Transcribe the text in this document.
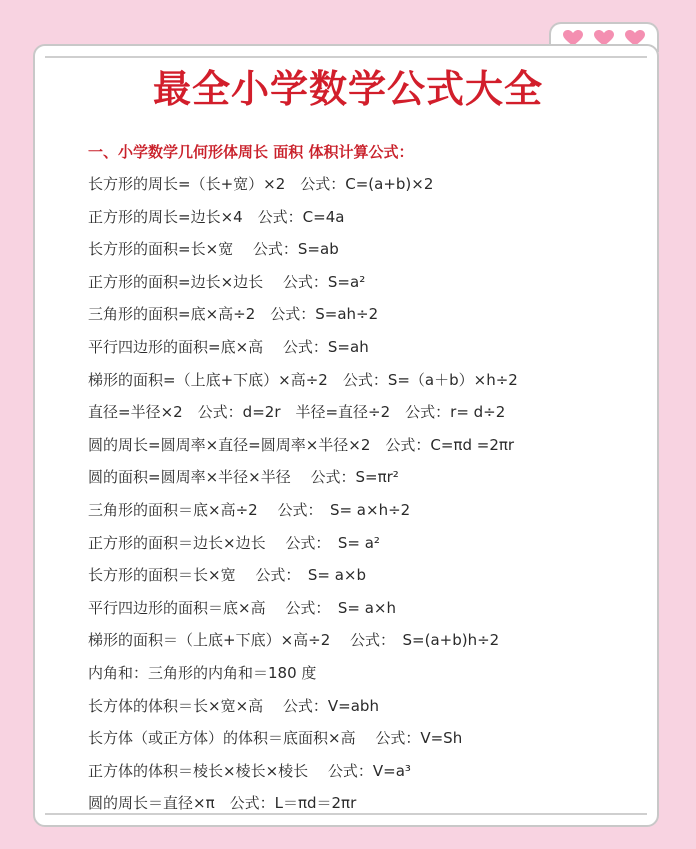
最全小学数学公式大全
一、小学数学几何形体周长 面积 体积计算公式：
长方形的周长=（长+宽）×2　公式：C=(a+b)×2
正方形的周长=边长×4　公式：C=4a
长方形的面积=长×宽　 公式：S=ab
正方形的面积=边长×边长　 公式：S=a²
三角形的面积=底×高÷2　公式：S=ah÷2
平行四边形的面积=底×高　 公式：S=ah
梯形的面积=（上底+下底）×高÷2　公式：S=（a＋b）×h÷2
直径=半径×2　公式：d=2r　半径=直径÷2　公式：r= d÷2
圆的周长=圆周率×直径=圆周率×半径×2　公式：C=πd =2πr
圆的面积=圆周率×半径×半径　 公式：S=πr²
三角形的面积＝底×高÷2　 公式：　S= a×h÷2
正方形的面积＝边长×边长　 公式：　S= a²
长方形的面积＝长×宽　 公式：　S= a×b
平行四边形的面积＝底×高　 公式：　S= a×h
梯形的面积＝（上底+下底）×高÷2　 公式：　S=(a+b)h÷2
内角和：三角形的内角和＝180 度
长方体的体积＝长×宽×高　 公式：V=abh
长方体（或正方体）的体积＝底面积×高　 公式：V=Sh
正方体的体积＝棱长×棱长×棱长　 公式：V=a³
圆的周长＝直径×π　公式：L＝πd＝2πr
